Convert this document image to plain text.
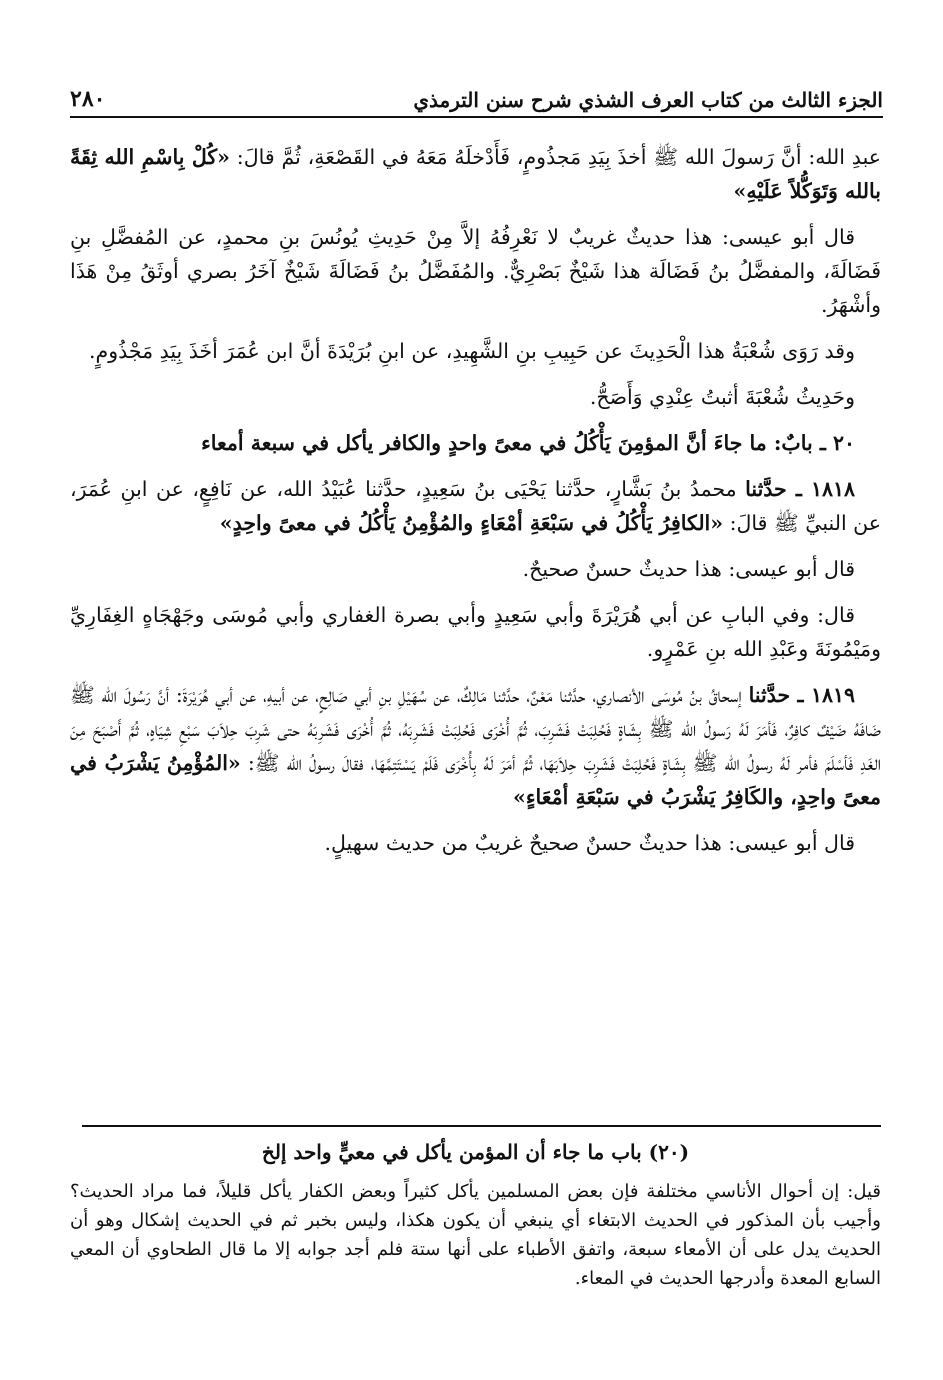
٢٨٠	الجزء الثالث من كتاب العرف الشذي شرح سنن الترمذي

عبدِ الله: أنَّ رَسولَ الله ﷺ أخذَ بِيَدِ مَجذُومٍ، فَأَدْخلَهُ مَعَهُ في القَصْعَةِ، ثُمَّ قالَ: «كُلْ بِاسْمِ الله ثِقَةً بالله وَتَوَكُّلاً عَلَيْهِ»

قال أبو عيسى: هذا حديثٌ غريبٌ لا نَعْرِفُهُ إلاَّ مِنْ حَدِيثِ يُونُسَ بنِ محمدٍ، عن المُفضَّلِ بنِ فَضَالَةَ، والمفضَّلُ بنُ فَضَالَة هذا شَيْخٌ بَصْرِيٌّ. والمُفَضَّلُ بنُ فَضَالَةَ شَيْخٌ آخَرُ بصري أوثَقُ مِنْ هَذَا وأشْهَرُ.

وقد رَوَى شُعْبَةُ هذا الْحَدِيثَ عن حَبِيبِ بنِ الشَّهِيدِ، عن ابنِ بُرَيْدَةَ أنَّ ابن عُمَرَ أخَذَ بِيَدِ مَجْذُومٍ.

وحَدِيثُ شُعْبَةَ أثبتُ عِنْدِي وَأَصَحُّ.

٢٠ ـ بابٌ: ما جاءَ أنَّ المؤمِنَ يَأْكُلُ في معىً واحدٍ والكافر يأكل في سبعة أمعاء

١٨١٨ ـ حدَّثنا محمدُ بنُ بَشَّارٍ، حدَّثنا يَحْيَى بنُ سَعِيدٍ، حدَّثنا عُبَيْدُ الله، عن نَافِعٍ، عن ابنِ عُمَرَ، عن النبيِّ ﷺ قالَ: «الكافِرُ يَأْكُلُ في سَبْعَةِ أمْعَاءٍ والمُؤْمِنُ يَأْكُلُ في معىً واحِدٍ»

قال أبو عيسى: هذا حديثٌ حسنٌ صحيحٌ.

قال: وفي البابِ عن أبي هُرَيْرَةَ وأبي سَعِيدٍ وأبي بصرة الغفاري وأبي مُوسَى وجَهْجَاهٍ الغِفَارِيِّ ومَيْمُونَةَ وعَبْدِ الله بنِ عَمْرٍو.

١٨١٩ ـ حدَّثنا إسحاقُ بنُ مُوسَى الأنصاري، حدَّثنا مَعْنٌ، حدَّثنا مَالِكٌ، عن سُهَيْلِ بنِ أبي صَالِحٍ، عن أبيهِ، عن أبي هُرَيْرَةَ: أنَّ رَسُولَ الله ﷺ ضَافَهُ ضَيْفٌ كافِرٌ، فَأمَرَ لَهُ رَسولُ الله ﷺ بِشَاةٍ فَحُلِبَتْ فَشَرِبَ، ثُمَّ أُخْرَى فَحُلِبَتْ فَشَرِبَهُ، ثُمَّ أُخْرَى فَشَرِبَهُ حتى شَرِبَ حِلاَبَ سَبْعِ شِيَاهٍ، ثُمَّ أَصْبَحَ مِنَ الغَدِ فَأسْلَمَ فأمر لَهُ رسولُ الله ﷺ بِشَاةٍ فَحُلِبَتْ فَشَرِبَ حِلاَبَهَا، ثُمَّ أمَرَ لَهُ بِأُخْرَى فَلَمْ يَسْتَتِمَّهَا، فقالَ رسولُ الله ﷺ: «المُؤْمِنُ يَشْرَبُ في معىً واحِدٍ، والكَافِرُ يَشْرَبُ في سَبْعَةِ أمْعَاءٍ»

قال أبو عيسى: هذا حديثٌ حسنٌ صحيحٌ غريبٌ من حديث سهيلٍ.

(٢٠) باب ما جاء أن المؤمن يأكل في معيٍّ واحد إلخ

قيل: إن أحوال الأناسي مختلفة فإن بعض المسلمين يأكل كثيراً وبعض الكفار يأكل قليلاً، فما مراد الحديث؟ وأجيب بأن المذكور في الحديث الابتغاء أي ينبغي أن يكون هكذا، وليس بخبر ثم في الحديث إشكال وهو أن الحديث يدل على أن الأمعاء سبعة، واتفق الأطباء على أنها ستة فلم أجد جوابه إلا ما قال الطحاوي أن المعي السابع المعدة وأدرجها الحديث في المعاء.
